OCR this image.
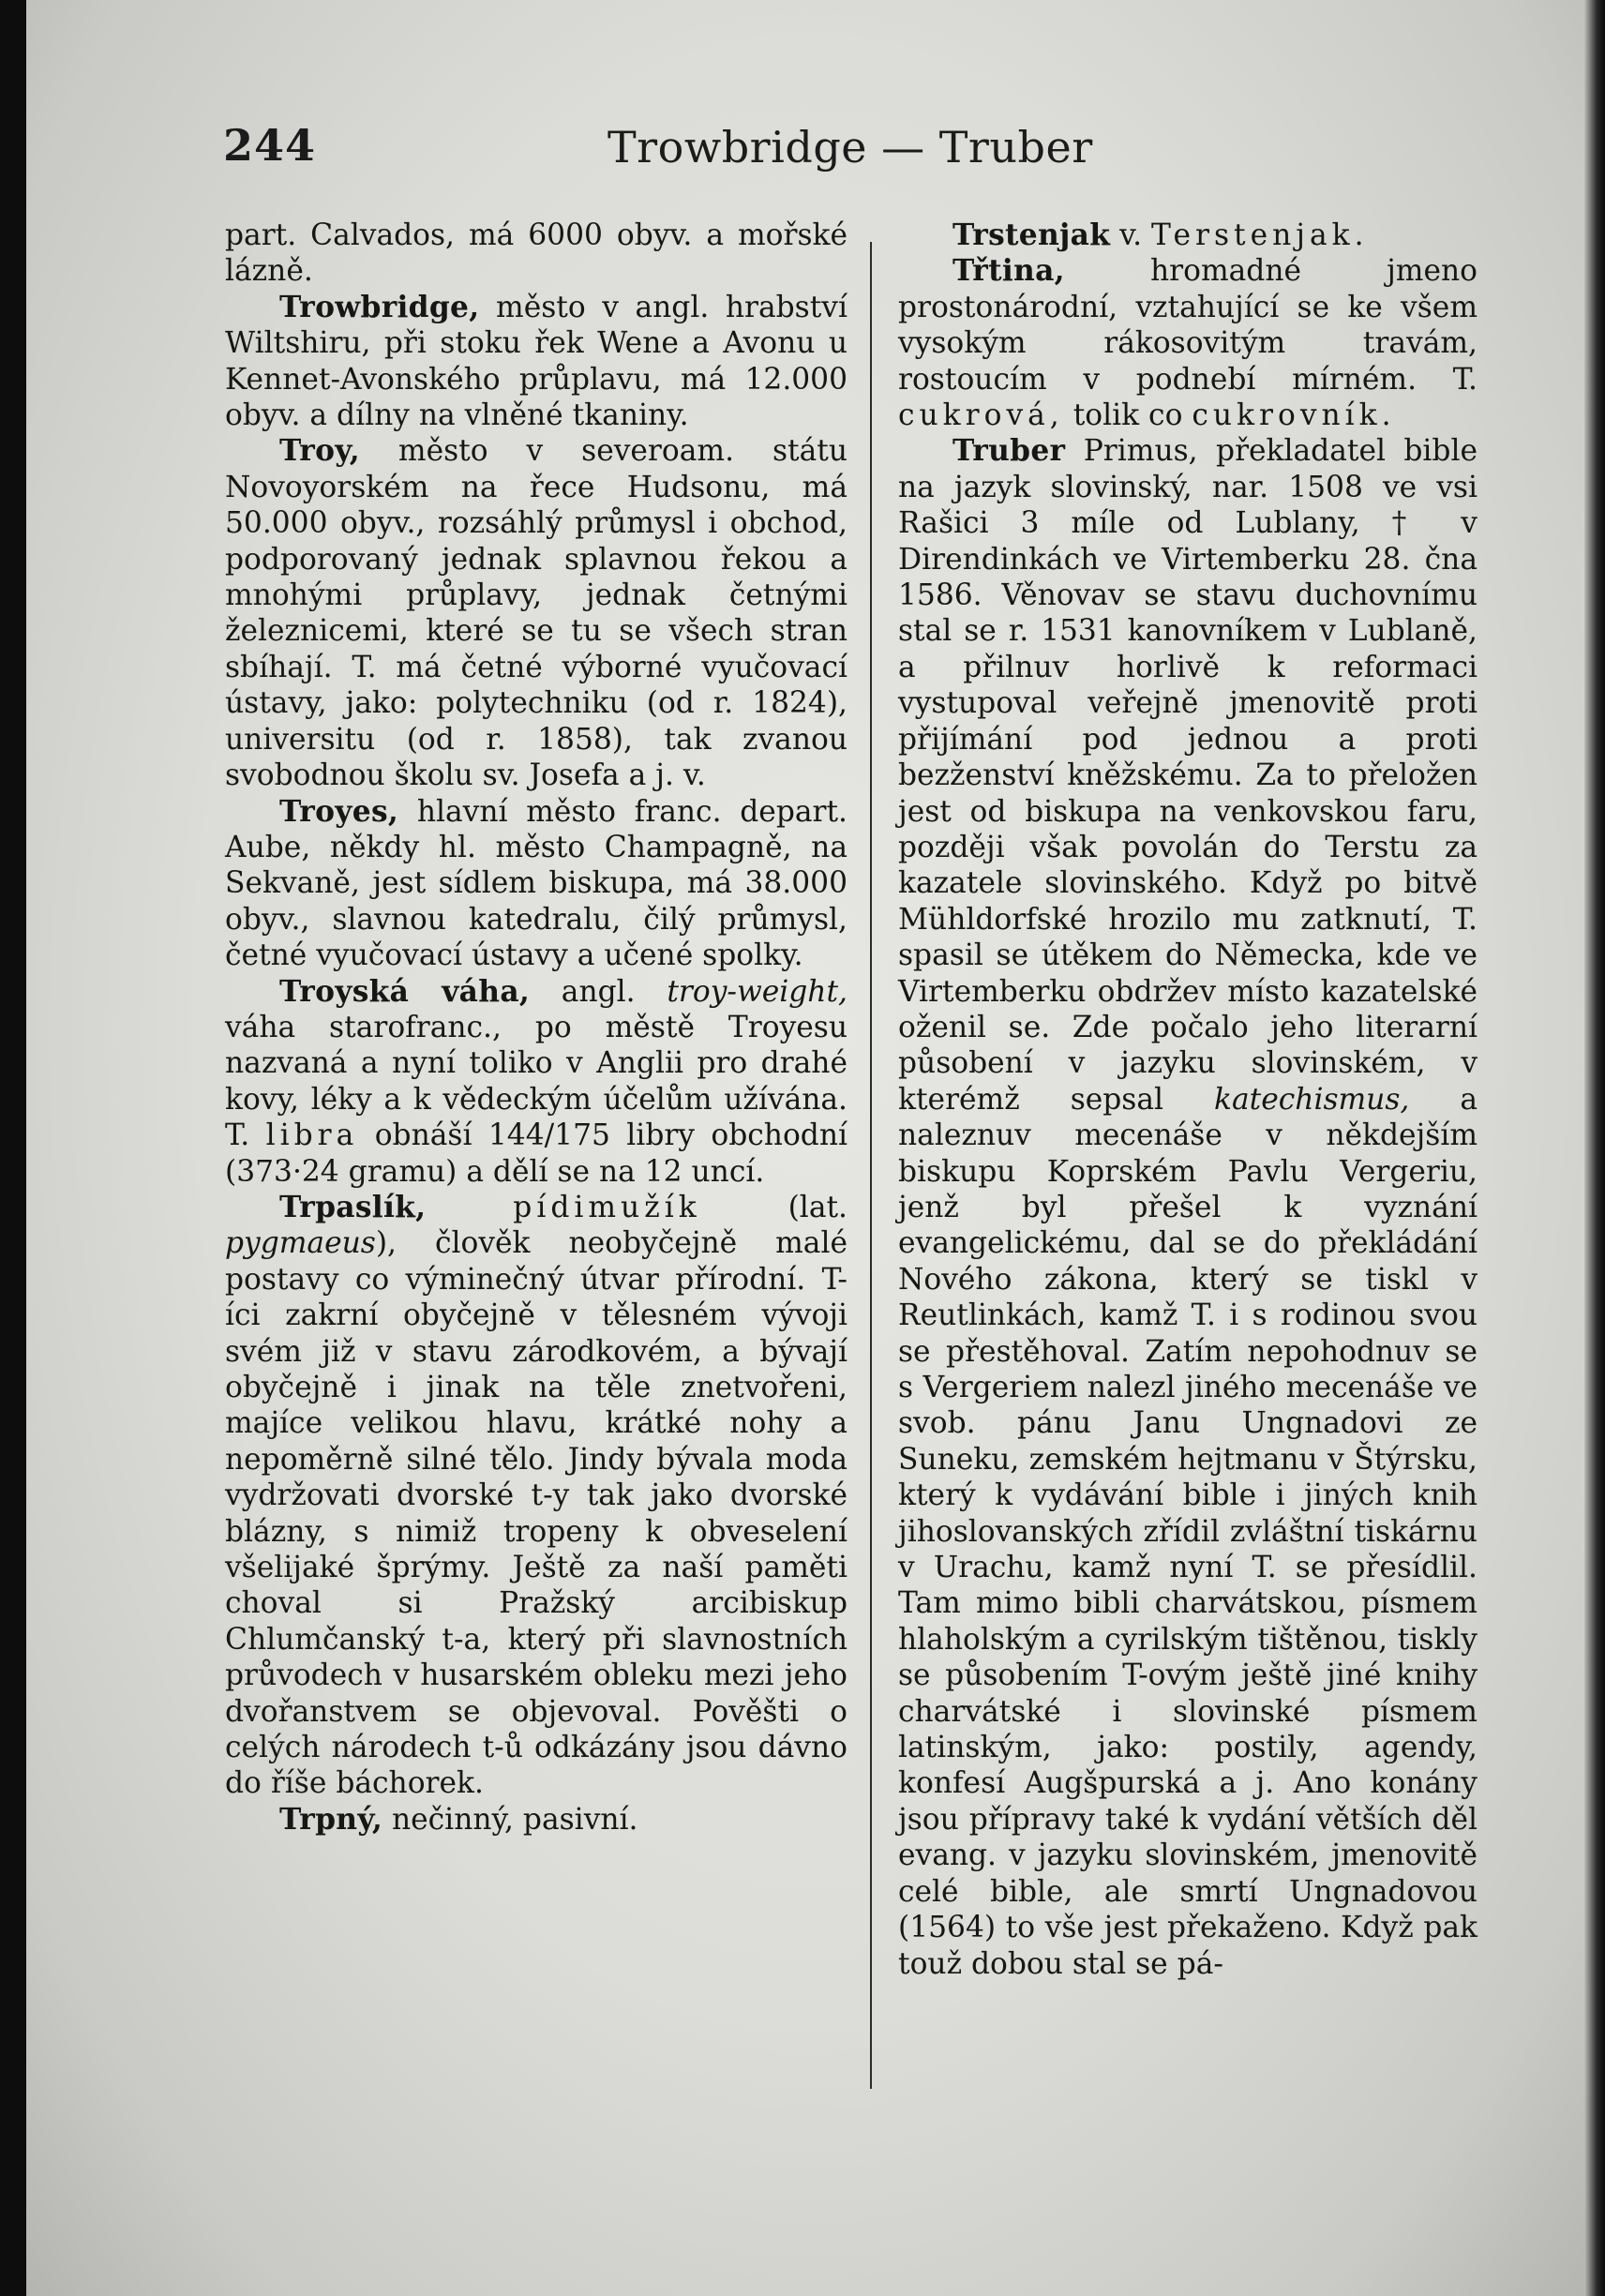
244	Trowbridge — Truber

part. Calvados, má 6000 obyv. a mořské lázně.

Trowbridge, město v angl. hrabství Wiltshiru, při stoku řek Wene a Avonu u Kennet-Avonského průplavu, má 12.000 obyv. a dílny na vlněné tkaniny.

Troy, město v severoam. státu Novoyorském na řece Hudsonu, má 50.000 obyv., rozsáhlý průmysl i obchod, podporovaný jednak splavnou řekou a mnohými průplavy, jednak četnými železnicemi, které se tu se všech stran sbíhají. T. má četné výborné vyučovací ústavy, jako: polytechniku (od r. 1824), universitu (od r. 1858), tak zvanou svobodnou školu sv. Josefa a j. v.

Troyes, hlavní město franc. depart. Aube, někdy hl. město Champagně, na Sekvaně, jest sídlem biskupa, má 38.000 obyv., slavnou katedralu, čilý průmysl, četné vyučovací ústavy a učené spolky.

Troyská váha, angl. troy-weight, váha starofranc., po městě Troyesu nazvaná a nyní toliko v Anglii pro drahé kovy, léky a k vědeckým účelům užívána. T. libra obnáší 144/175 libry obchodní (373·24 gramu) a dělí se na 12 uncí.

Trpaslík,	pídimužík (lat. pygmaeus), člověk neobyčejně malé postavy co výminečný útvar přírodní. T-íci zakrní obyčejně v tělesném vývoji svém již v stavu zárodkovém, a bývají obyčejně i jinak na těle znetvořeni, majíce velikou hlavu, krátké nohy a nepoměrně silné tělo. Jindy bývala moda vydržovati dvorské t-y tak jako dvorské blázny, s nimiž tropeny k obveselení všelijaké šprýmy. Ještě za naší paměti choval si Pražský arcibiskup Chlumčanský t-a, který při slavnostních průvodech v husarském obleku mezi jeho dvořanstvem se objevoval. Pověšti o celých národech t-ů odkázány jsou dávno do říše báchorek.

Trpný, nečinný, pasivní.

Trstenjak v. Terstenjak.

Třtina, hromadné jmeno prostonárodní, vztahující se ke všem vysokým rákosovitým travám, rostoucím v podnebí mírném. T. cukrová, tolik co cukrovník.

Truber Primus, překladatel bible na jazyk slovinský, nar. 1508 ve vsi Rašici 3 míle od Lublany, † v Direndinkách ve Virtemberku 28. čna 1586. Věnovav se stavu duchovnímu stal se r. 1531 kanovníkem v Lublaně, a přilnuv horlivě k reformaci vystupoval veřejně jmenovitě proti přijímání pod jednou a proti bezženství kněžskému. Za to přeložen jest od biskupa na venkovskou faru, později však povolán do Terstu za kazatele slovinského. Když po bitvě Mühldorfské hrozilo mu zatknutí, T. spasil se útěkem do Německa, kde ve Virtemberku obdržev místo kazatelské oženil se. Zde počalo jeho literarní působení v jazyku slovinském, v kterémž sepsal katechismus, a naleznuv mecenáše v někdejším biskupu Koprském Pavlu Vergeriu, jenž byl přešel k vyznání evangelickému, dal se do překládání Nového zákona, který se tiskl v Reutlinkách, kamž T. i s rodinou svou se přestěhoval. Zatím nepohodnuv se s Vergeriem nalezl jiného mecenáše ve svob. pánu Janu Ungnadovi ze Suneku, zemském hejtmanu v Štýrsku, který k vydávání bible i jiných knih jihoslovanských zřídil zvláštní tiskárnu v Urachu, kamž nyní T. se přesídlil. Tam mimo bibli charvátskou, písmem hlaholským a cyrilským tištěnou, tiskly se působením T-ovým ještě jiné knihy charvátské i slovinské písmem latinským, jako: postily, agendy, konfesí Augšpurská a j. Ano konány jsou přípravy také k vydání větších děl evang. v jazyku slovinském, jmenovitě celé bible, ale smrtí Ungnadovou (1564) to vše jest překaženo. Když pak touž dobou stal se pá-
